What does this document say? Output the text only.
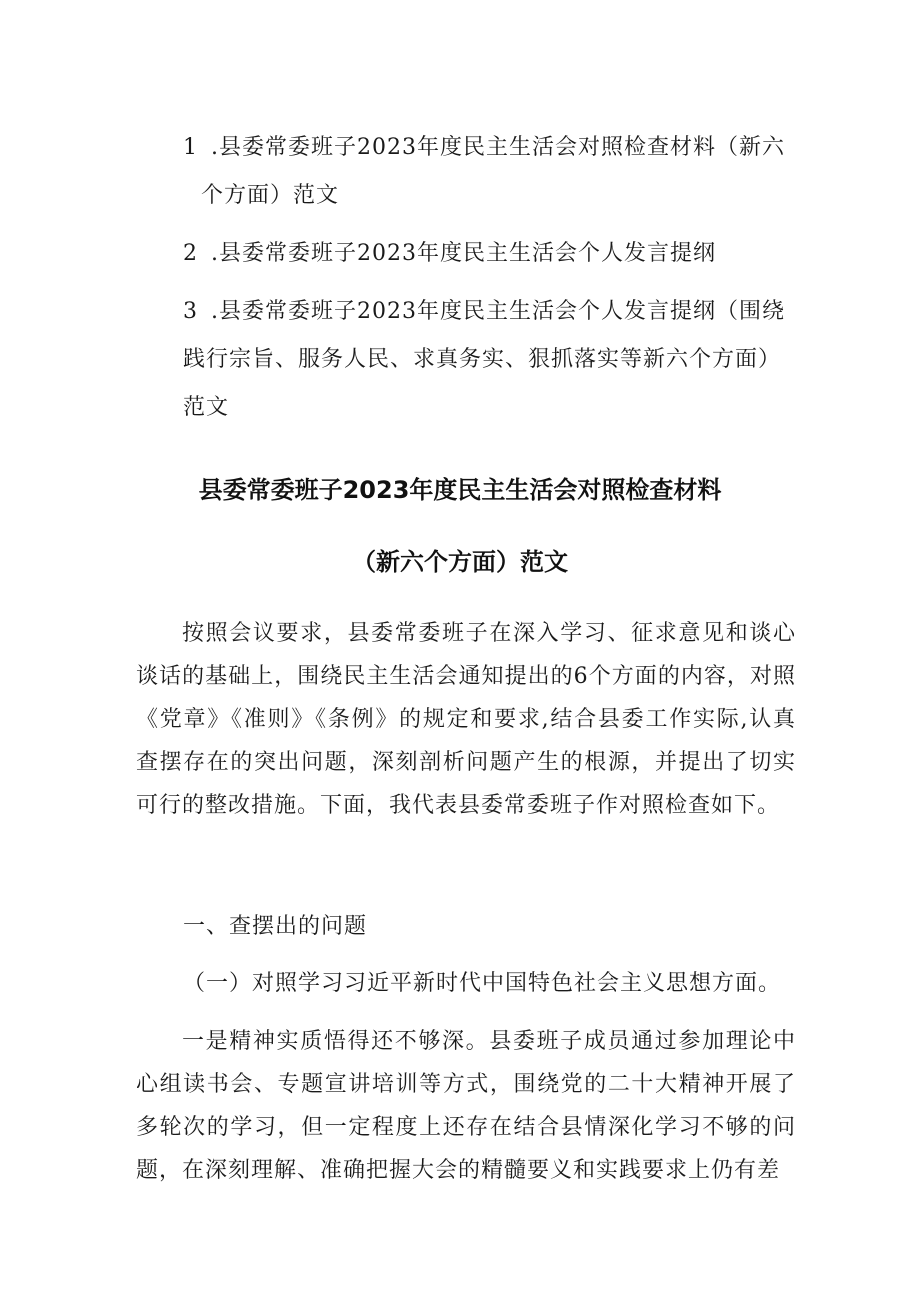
1 .县委常委班子2023年度民主生活会对照检查材料（新六
个方面）范文
2 .县委常委班子2023年度民主生活会个人发言提纲
3 .县委常委班子2023年度民主生活会个人发言提纲（围绕
践行宗旨、服务人民、求真务实、狠抓落实等新六个方面）
范文
县委常委班子2023年度民主生活会对照检查材料
（新六个方面）范文
按照会议要求，县委常委班子在深入学习、征求意见和谈心谈话的基础上，围绕民主生活会通知提出的6个方面的内容，对照《党章》《准则》《条例》的规定和要求,结合县委工作实际,认真查摆存在的突出问题，深刻剖析问题产生的根源，并提出了切实可行的整改措施。下面，我代表县委常委班子作对照检查如下。
一、查摆出的问题
（一）对照学习习近平新时代中国特色社会主义思想方面。
一是精神实质悟得还不够深。县委班子成员通过参加理论中心组读书会、专题宣讲培训等方式，围绕党的二十大精神开展了多轮次的学习，但一定程度上还存在结合县情深化学习不够的问题，在深刻理解、准确把握大会的精髓要义和实践要求上仍有差
